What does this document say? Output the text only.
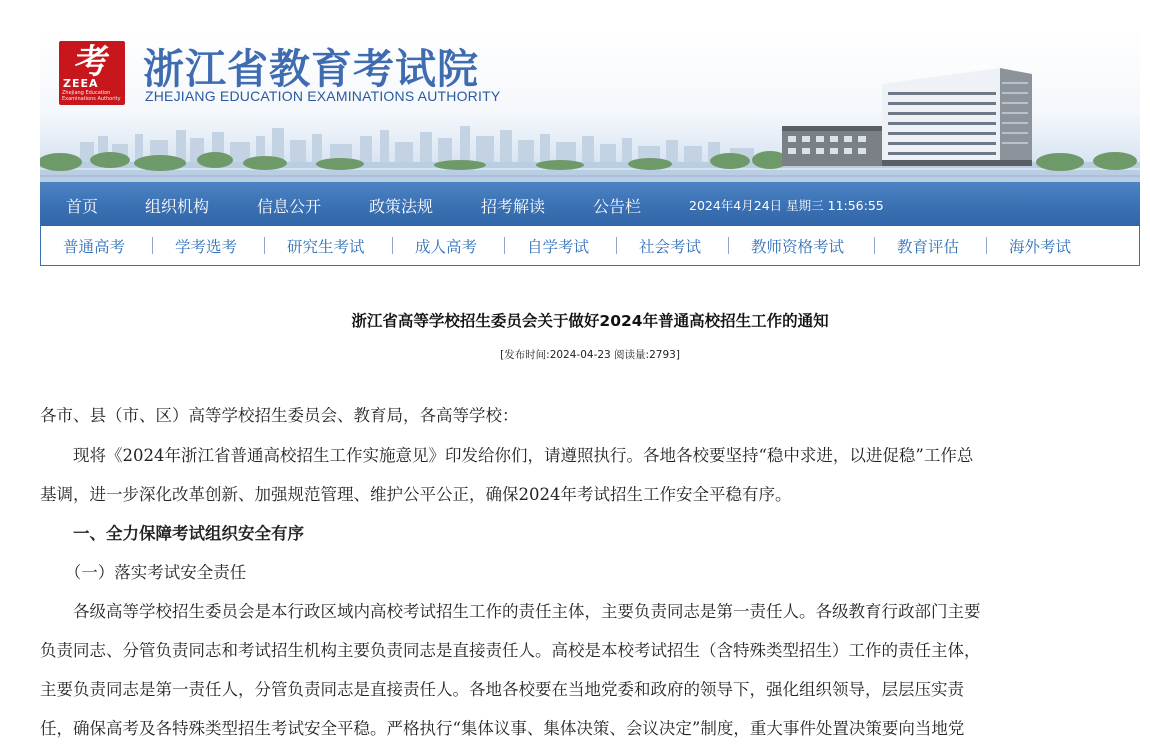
考
ZEEA
Zhejiang Education Examinations Authority
浙江省教育考试院
ZHEJIANG EDUCATION EXAMINATIONS AUTHORITY
首页	组织机构	信息公开	政策法规	招考解读	公告栏	2024年4月24日 星期三 11:56:55
普通高考	学考选考	研究生考试	成人高考	自学考试	社会考试	教师资格考试	教育评估	海外考试
浙江省高等学校招生委员会关于做好2024年普通高校招生工作的通知
[发布时间:2024-04-23 阅读量:2793]
各市、县（市、区）高等学校招生委员会、教育局，各高等学校：
　　现将《2024年浙江省普通高校招生工作实施意见》印发给你们，请遵照执行。各地各校要坚持“稳中求进，以进促稳”工作总
基调，进一步深化改革创新、加强规范管理、维护公平公正，确保2024年考试招生工作安全平稳有序。
　　一、全力保障考试组织安全有序
　　（一）落实考试安全责任
　　各级高等学校招生委员会是本行政区域内高校考试招生工作的责任主体，主要负责同志是第一责任人。各级教育行政部门主要
负责同志、分管负责同志和考试招生机构主要负责同志是直接责任人。高校是本校考试招生（含特殊类型招生）工作的责任主体，
主要负责同志是第一责任人，分管负责同志是直接责任人。各地各校要在当地党委和政府的领导下，强化组织领导，层层压实责
任，确保高考及各特殊类型招生考试安全平稳。严格执行“集体议事、集体决策、会议决定”制度，重大事件处置决策要向当地党
